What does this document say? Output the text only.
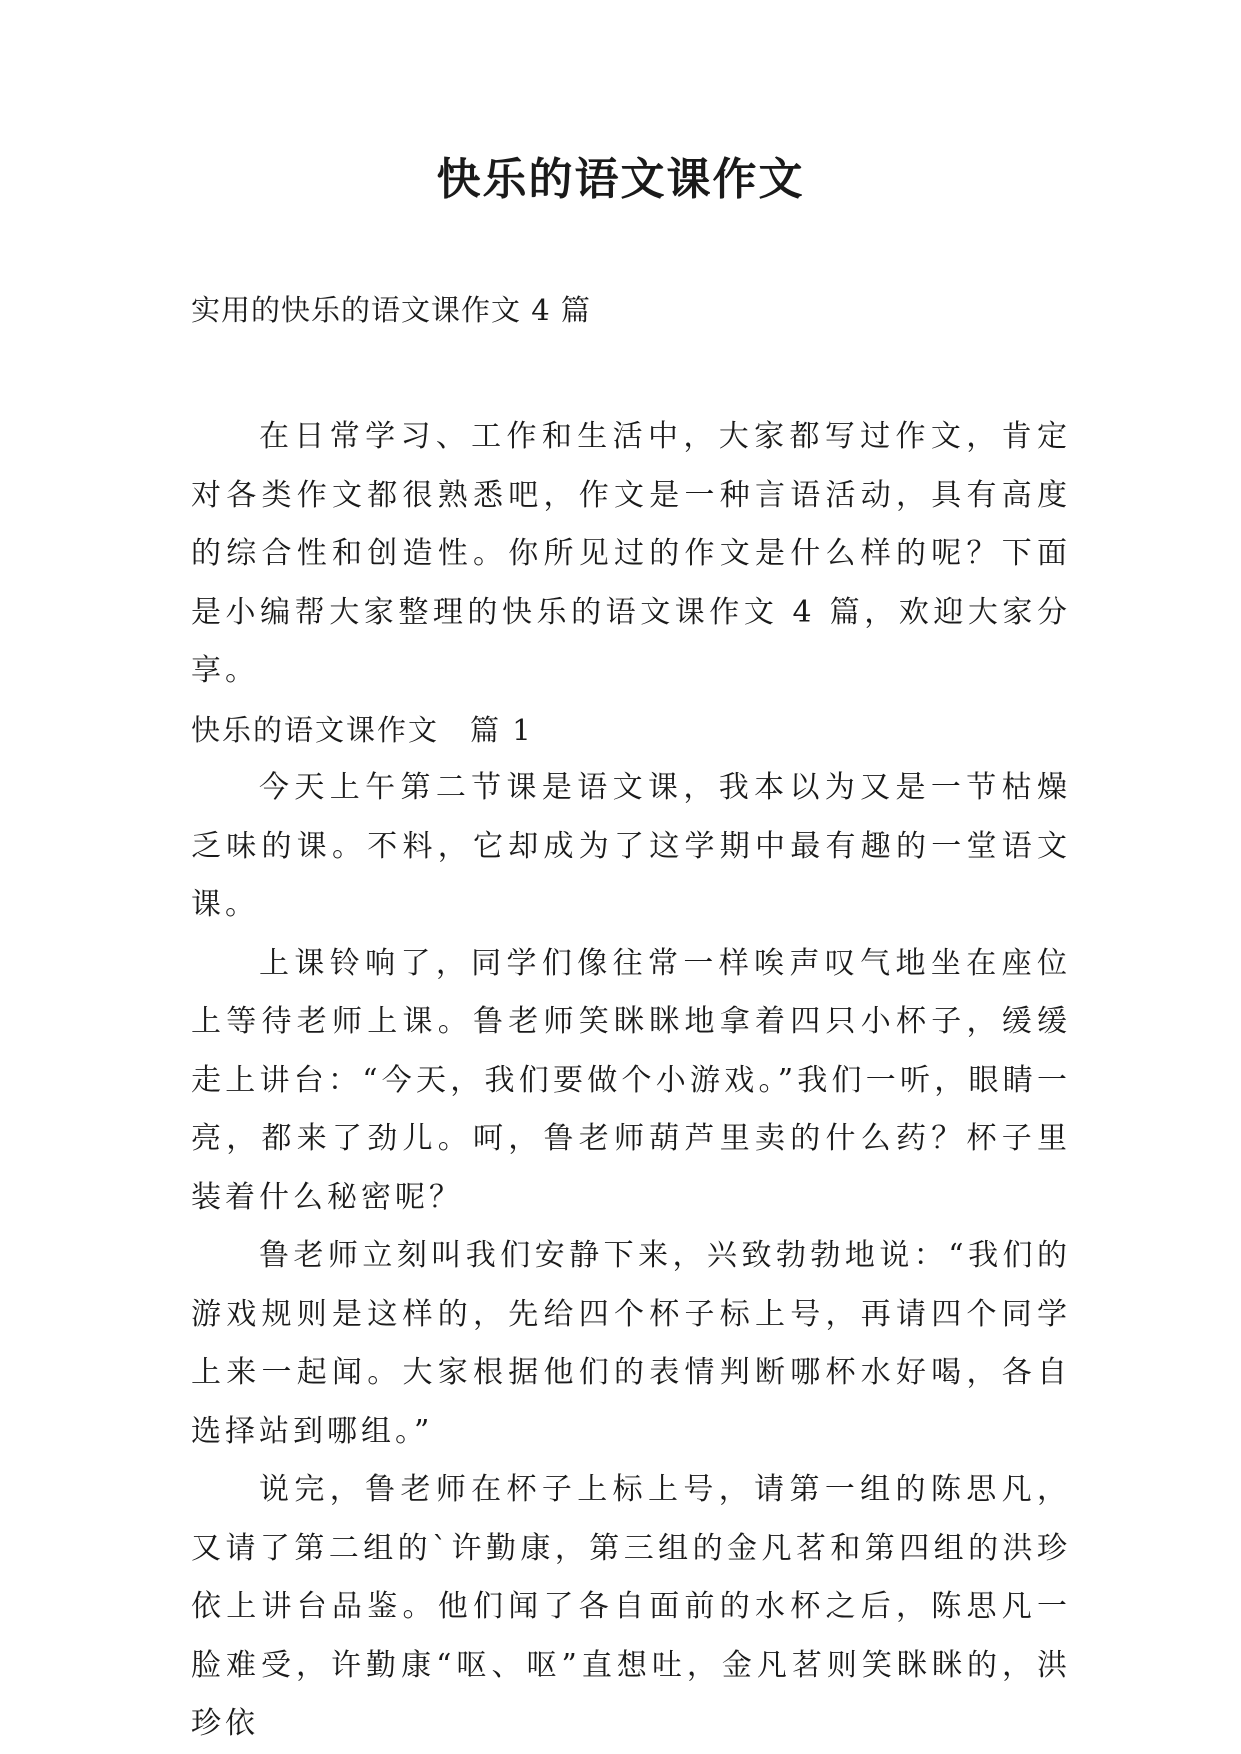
快乐的语文课作文
实用的快乐的语文课作文 4 篇

在日常学习、工作和生活中，大家都写过作文，肯定对各类作文都很熟悉吧，作文是一种言语活动，具有高度的综合性和创造性。你所见过的作文是什么样的呢？下面是小编帮大家整理的快乐的语文课作文 4 篇，欢迎大家分享。

快乐的语文课作文　篇 1

今天上午第二节课是语文课，我本以为又是一节枯燥乏味的课。不料，它却成为了这学期中最有趣的一堂语文课。

上课铃响了，同学们像往常一样唉声叹气地坐在座位上等待老师上课。鲁老师笑眯眯地拿着四只小杯子，缓缓走上讲台：“今天，我们要做个小游戏。”我们一听，眼睛一亮，都来了劲儿。呵，鲁老师葫芦里卖的什么药？杯子里装着什么秘密呢？

鲁老师立刻叫我们安静下来，兴致勃勃地说：“我们的游戏规则是这样的，先给四个杯子标上号，再请四个同学上来一起闻。大家根据他们的表情判断哪杯水好喝，各自选择站到哪组。”

说完，鲁老师在杯子上标上号，请第一组的陈思凡，又请了第二组的`许勤康，第三组的金凡茗和第四组的洪珍依上讲台品鉴。他们闻了各自面前的水杯之后，陈思凡一脸难受，许勤康“呕、呕”直想吐，金凡茗则笑眯眯的，洪珍依
